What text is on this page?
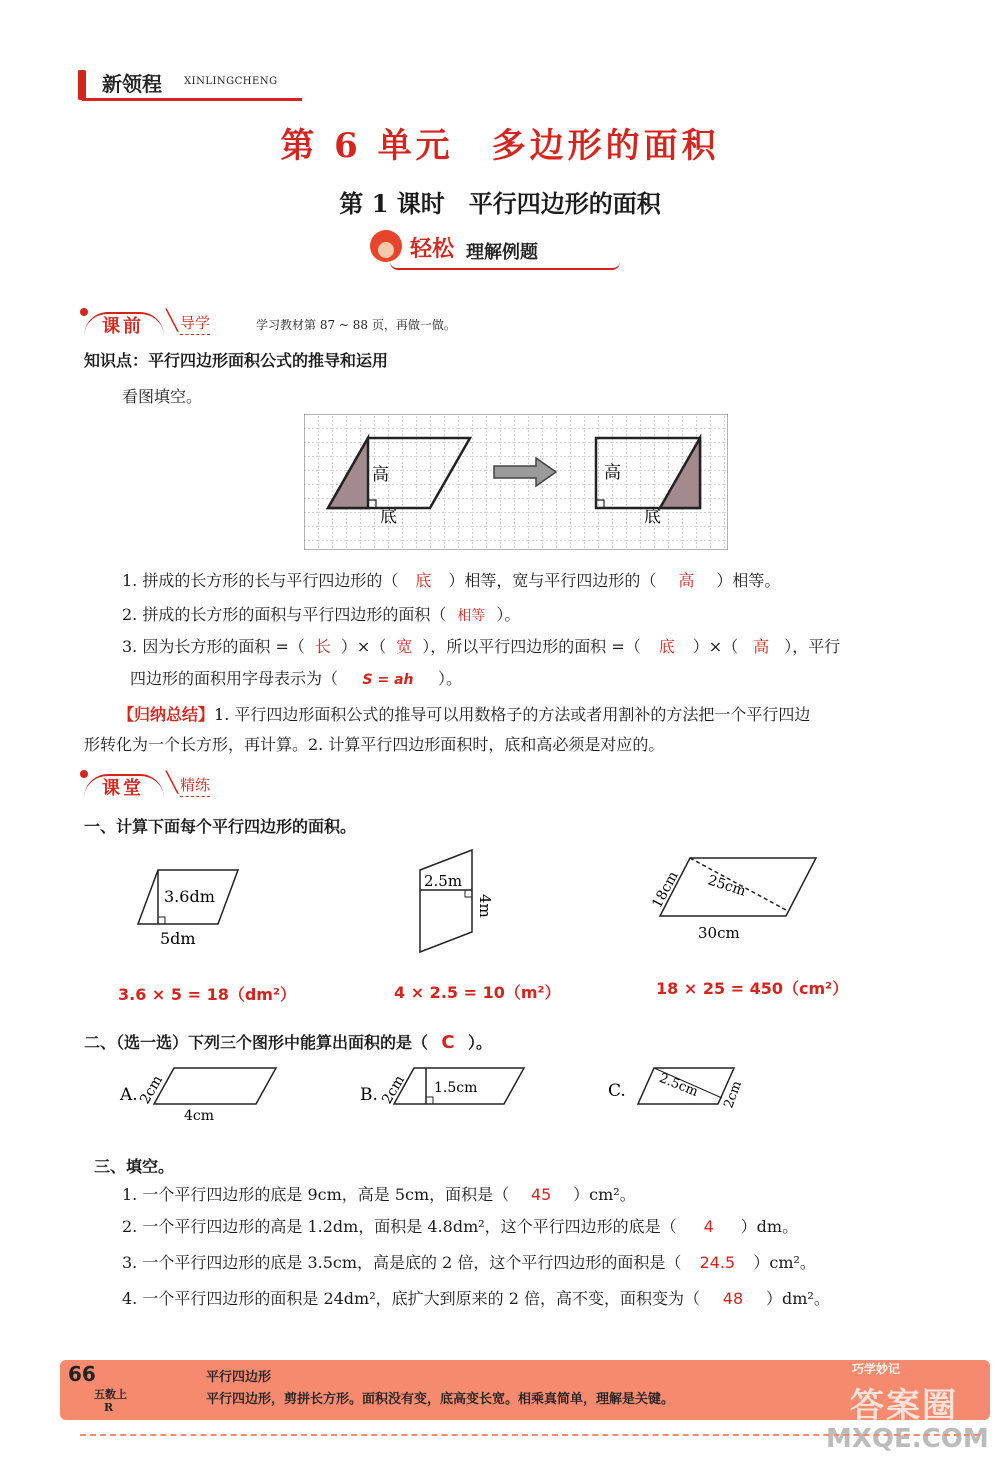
新领程 XINLINGCHENG
第 6 单元　多边形的面积
第 1 课时　平行四边形的面积
轻松 理解例题
课前 ╲ 导学	学习教材第 87 ~ 88 页，再做一做。
知识点：平行四边形面积公式的推导和运用
看图填空。
高
底
高
底
1. 拼成的长方形的长与平行四边形的（ 底 ）相等，宽与平行四边形的（ 高 ）相等。
2. 拼成的长方形的面积与平行四边形的面积（ 相等 ）。
3. 因为长方形的面积 =（ 长 ）×（ 宽 ），所以平行四边形的面积 =（ 底 ）×（ 高 ），平行
四边形的面积用字母表示为（ S = ah ）。
【归纳总结】1. 平行四边形面积公式的推导可以用数格子的方法或者用割补的方法把一个平行四边
形转化为一个长方形，再计算。2. 计算平行四边形面积时，底和高必须是对应的。
课堂 ╲ 精练
一、计算下面每个平行四边形的面积。
3.6dm
5dm
3.6 × 5 = 18（dm²）
2.5m
4m
4 × 2.5 = 10（m²）
18cm 25cm
30cm
18 × 25 = 450（cm²）
二、（选一选）下列三个图形中能算出面积的是（ C ）。
A. 2cm
4cm
B. 2cm 1.5cm	C. 2.5cm 2cm
三、填空。
1. 一个平行四边形的底是 9cm，高是 5cm，面积是（ 45 ）cm²。
2. 一个平行四边形的高是 1.2dm，面积是 4.8dm²，这个平行四边形的底是（ 4 ）dm。
3. 一个平行四边形的底是 3.5cm，高是底的 2 倍，这个平行四边形的面积是（ 24.5 ）cm²。
4. 一个平行四边形的面积是 24dm²，底扩大到原来的 2 倍，高不变，面积变为（ 48 ）dm²。
66
五数上
R
平行四边形
平行四边形，剪拼长方形。面积没有变，底高变长宽。相乘真简单，理解是关键。
巧学妙记
答案圈
MXQE.COM
